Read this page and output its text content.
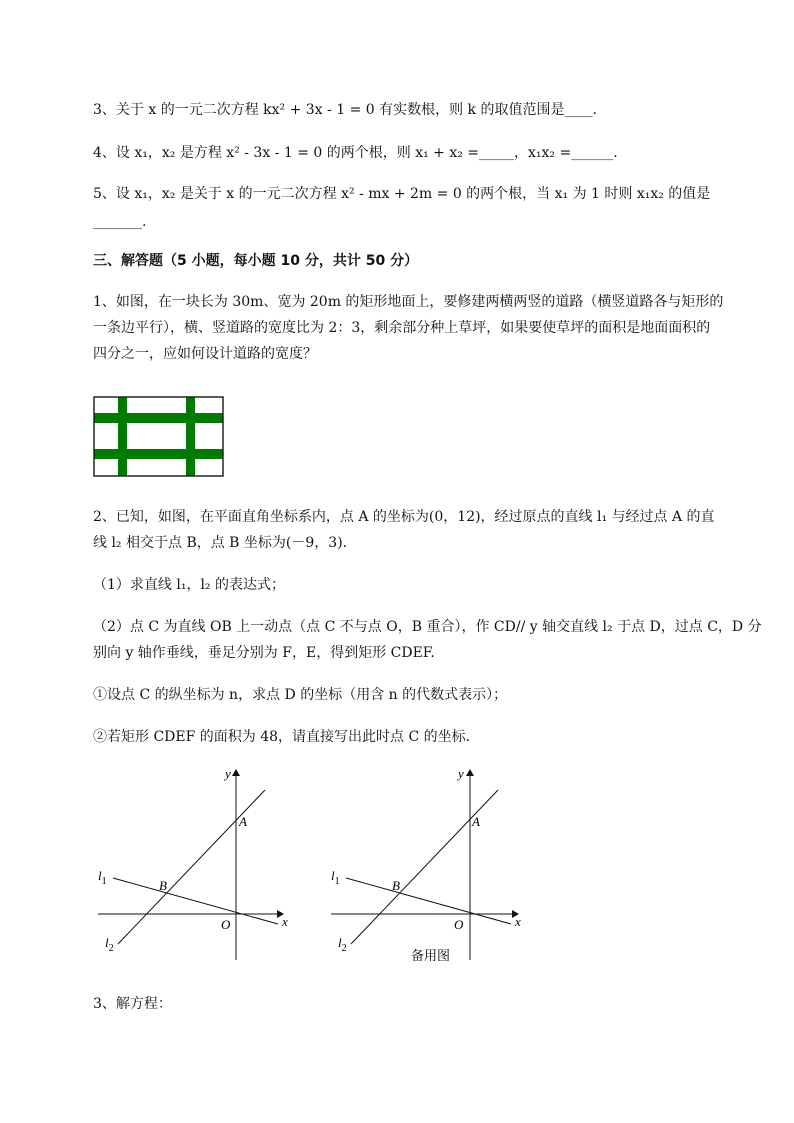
3、关于 x 的一元二次方程 kx² + 3x - 1 = 0 有实数根，则 k 的取值范围是____.
4、设 x₁，x₂ 是方程 x² - 3x - 1 = 0 的两个根，则 x₁ + x₂ =_____，x₁x₂ =______.
5、设 x₁，x₂ 是关于 x 的一元二次方程 x² - mx + 2m = 0 的两个根，当 x₁ 为 1 时则 x₁x₂ 的值是
_______.
三、解答题（5 小题，每小题 10 分，共计 50 分）
1、如图，在一块长为 30m、宽为 20m 的矩形地面上，要修建两横两竖的道路（横竖道路各与矩形的
一条边平行），横、竖道路的宽度比为 2：3，剩余部分种上草坪，如果要使草坪的面积是地面面积的
四分之一，应如何设计道路的宽度？
2、已知，如图，在平面直角坐标系内，点 A 的坐标为(0，12)，经过原点的直线 l₁ 与经过点 A 的直
线 l₂ 相交于点 B，点 B 坐标为(－9，3).
（1）求直线 l₁，l₂ 的表达式；
（2）点 C 为直线 OB 上一动点（点 C 不与点 O，B 重合），作 CD// y 轴交直线 l₂ 于点 D，过点 C，D 分
别向 y 轴作垂线，垂足分别为 F，E，得到矩形 CDEF.
①设点 C 的纵坐标为 n，求点 D 的坐标（用含 n 的代数式表示）；
②若矩形 CDEF 的面积为 48，请直接写出此时点 C 的坐标．
y
x
A
B
O
$l_1$
$l_2$
y
x
A
B
O
$l_1$
$l_2$
备用图
3、解方程：
